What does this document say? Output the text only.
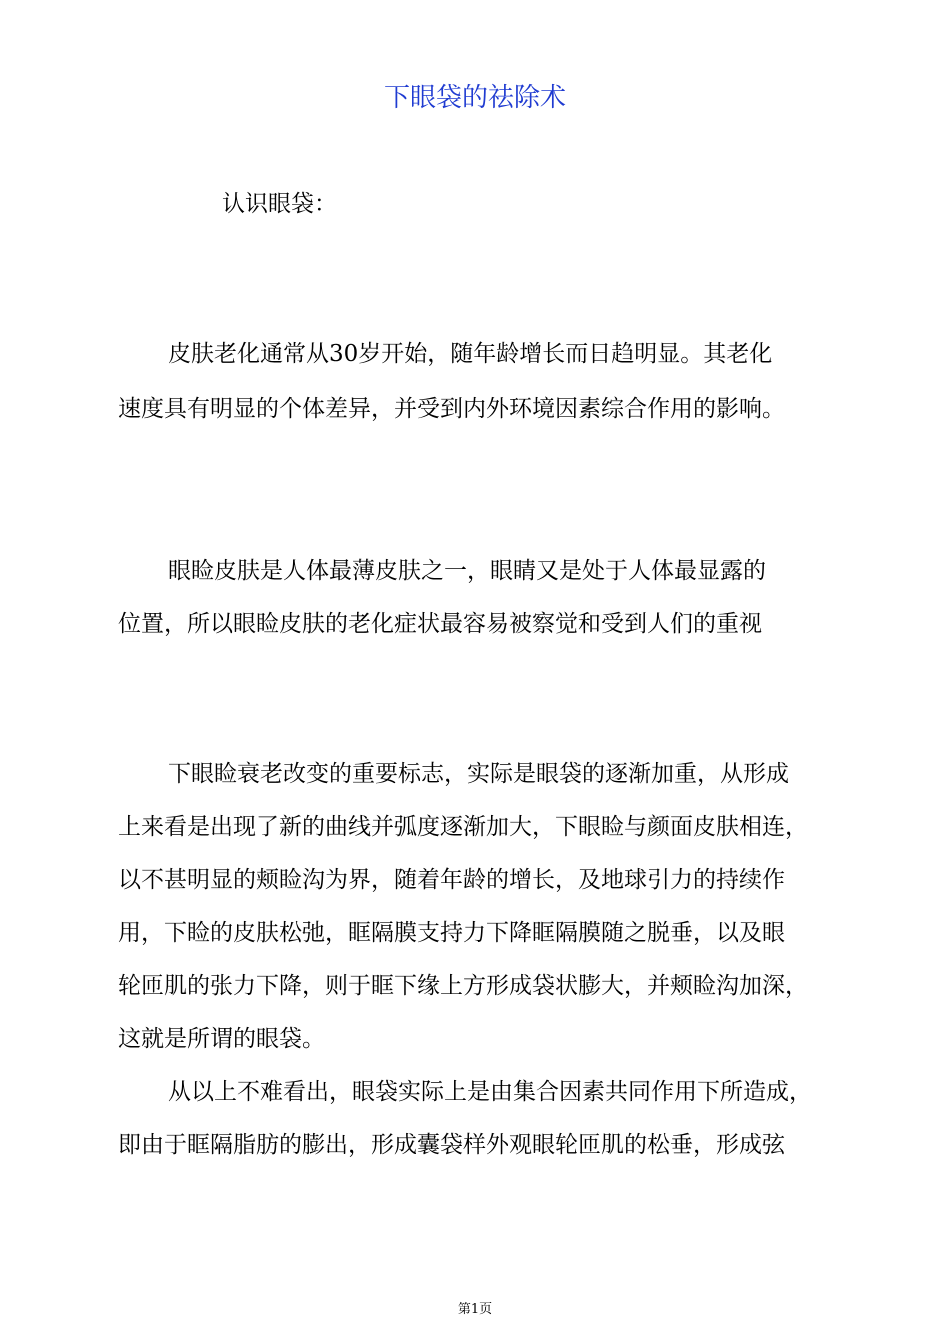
下眼袋的祛除术
认识眼袋：
皮肤老化通常从30岁开始，随年龄增长而日趋明显。其老化
速度具有明显的个体差异，并受到内外环境因素综合作用的影响。
眼睑皮肤是人体最薄皮肤之一，眼睛又是处于人体最显露的
位置，所以眼睑皮肤的老化症状最容易被察觉和受到人们的重视
下眼睑衰老改变的重要标志，实际是眼袋的逐渐加重，从形成
上来看是出现了新的曲线并弧度逐渐加大，下眼睑与颜面皮肤相连，
以不甚明显的颊睑沟为界，随着年龄的增长，及地球引力的持续作
用，下睑的皮肤松弛，眶隔膜支持力下降眶隔膜随之脱垂，以及眼
轮匝肌的张力下降，则于眶下缘上方形成袋状膨大，并颊睑沟加深，
这就是所谓的眼袋。
从以上不难看出，眼袋实际上是由集合因素共同作用下所造成，
即由于眶隔脂肪的膨出，形成囊袋样外观眼轮匝肌的松垂，形成弦
第1页
